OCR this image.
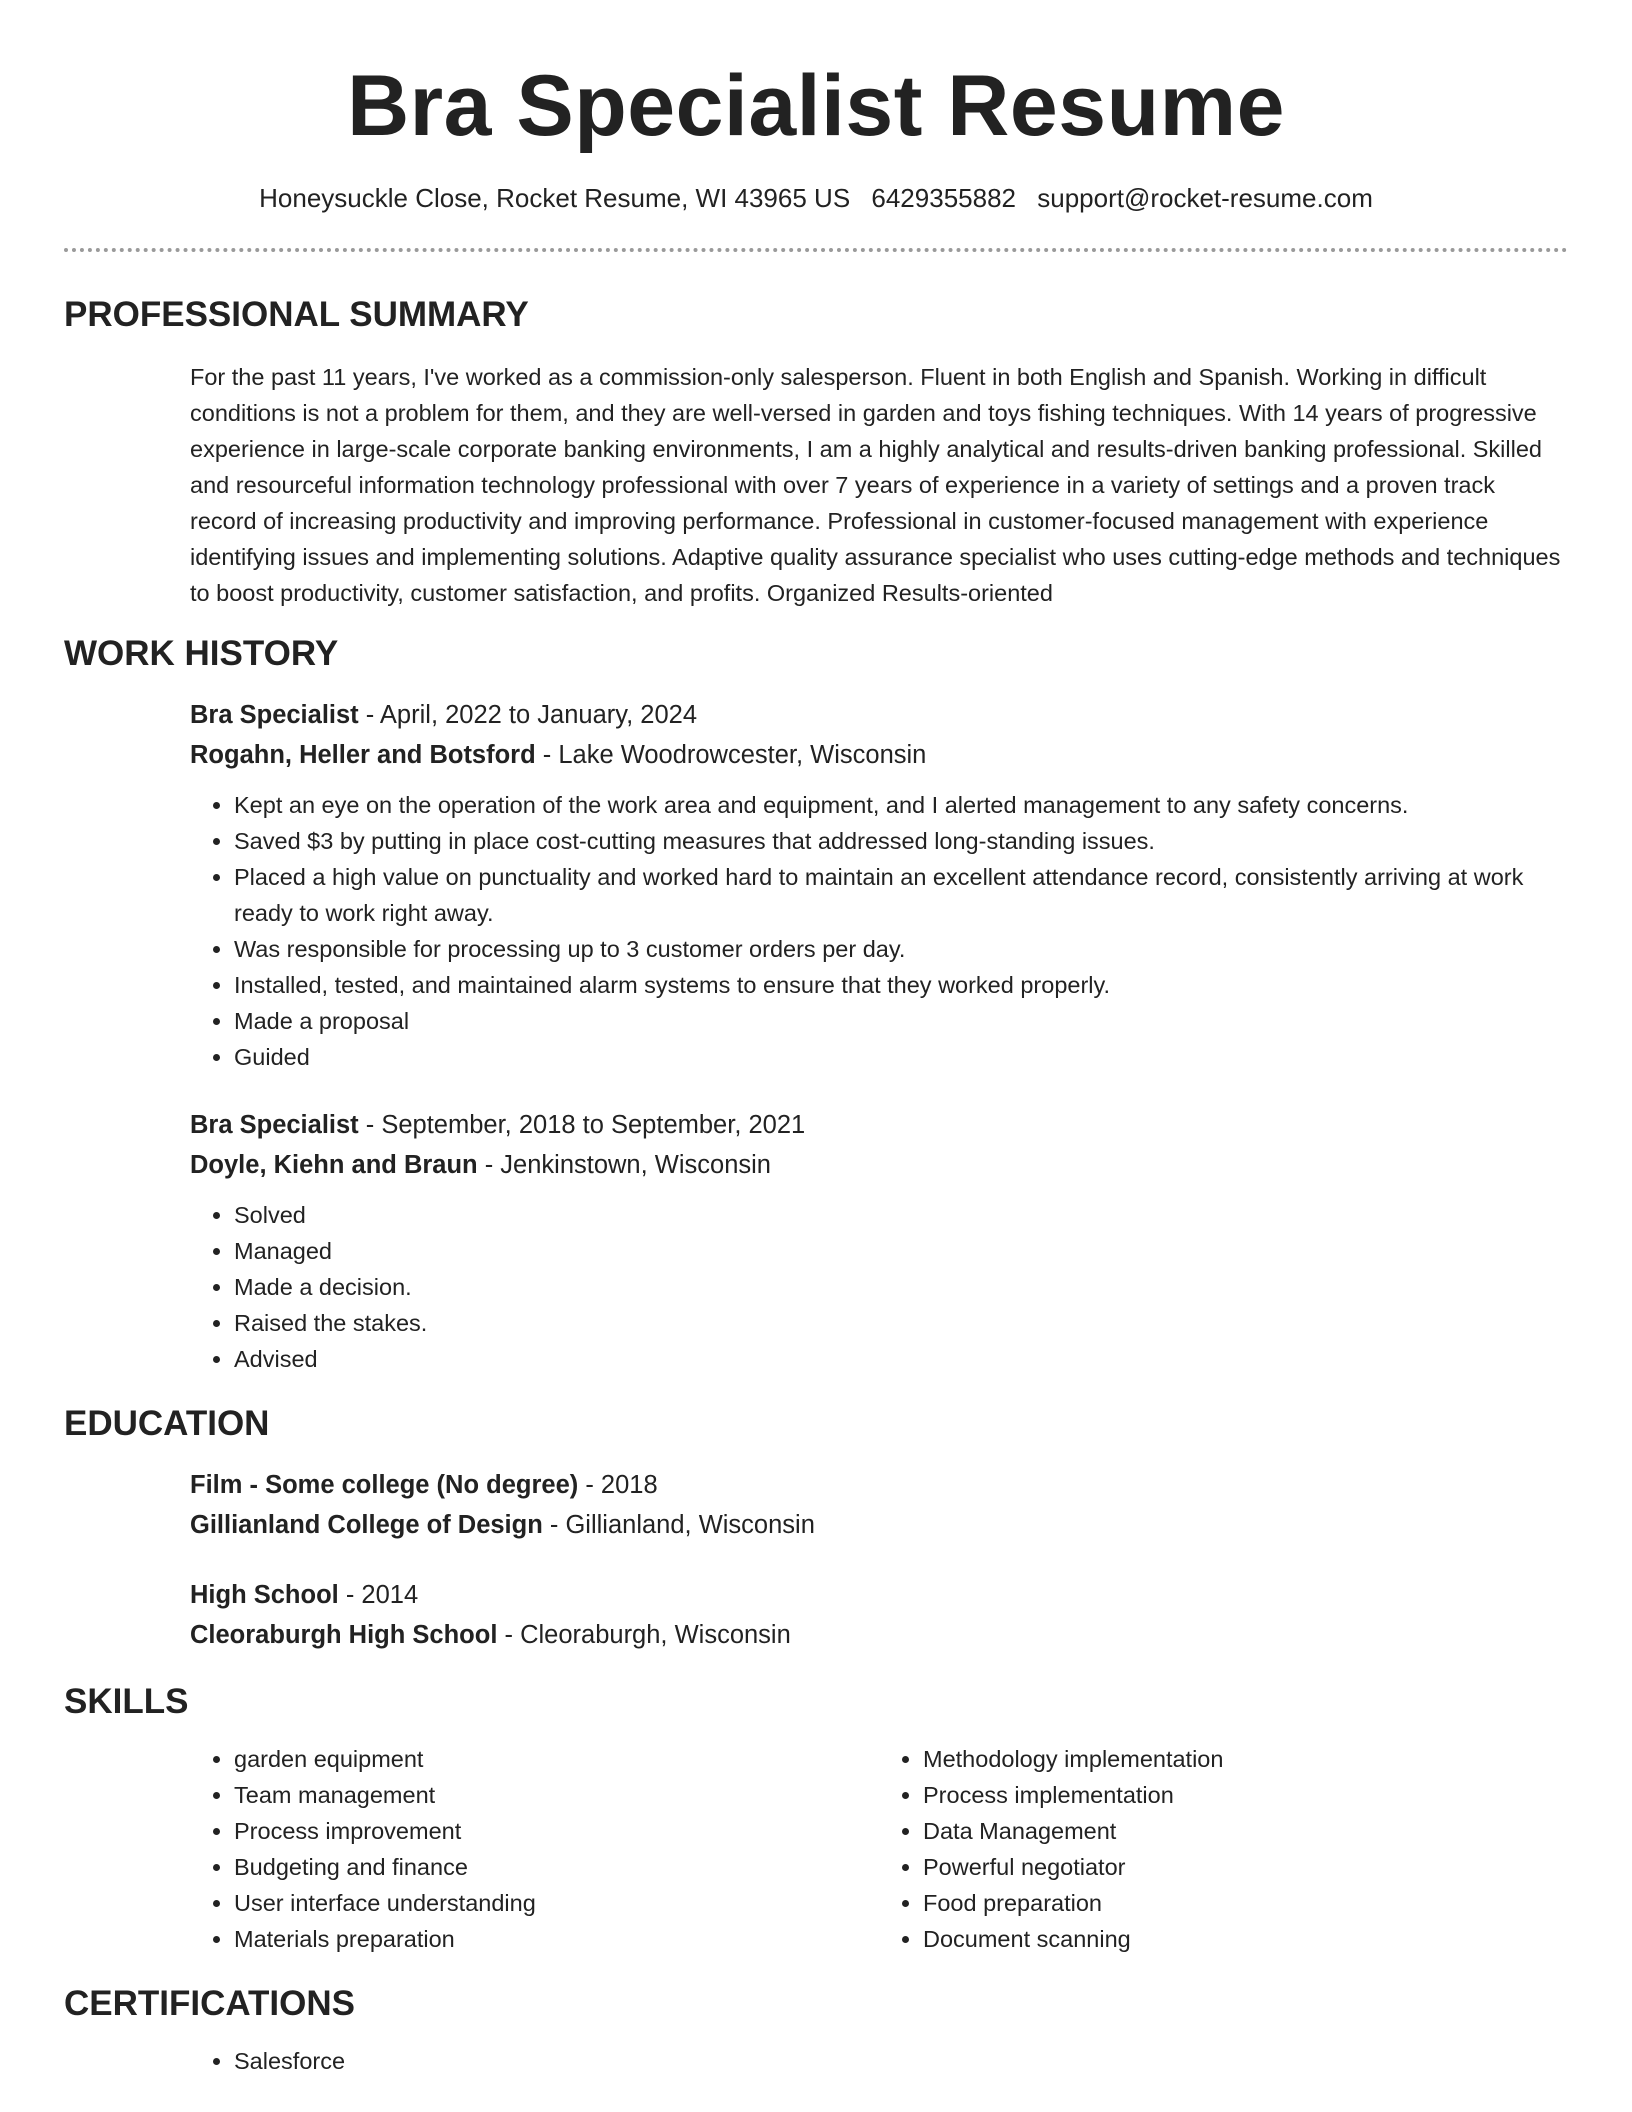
Bra Specialist Resume
Honeysuckle Close, Rocket Resume, WI 43965 US 6429355882 support@rocket-resume.com
PROFESSIONAL SUMMARY

For the past 11 years, I've worked as a commission-only salesperson. Fluent in both English and Spanish. Working in difficult conditions is not a problem for them, and they are well-versed in garden and toys fishing techniques. With 14 years of progressive experience in large-scale corporate banking environments, I am a highly analytical and results-driven banking professional. Skilled and resourceful information technology professional with over 7 years of experience in a variety of settings and a proven track record of increasing productivity and improving performance. Professional in customer-focused management with experience identifying issues and implementing solutions. Adaptive quality assurance specialist who uses cutting-edge methods and techniques to boost productivity, customer satisfaction, and profits. Organized Results-oriented

WORK HISTORY
Bra Specialist - April, 2022 to January, 2024
Rogahn, Heller and Botsford - Lake Woodrowcester, Wisconsin
• Kept an eye on the operation of the work area and equipment, and I alerted management to any safety concerns.
• Saved $3 by putting in place cost-cutting measures that addressed long-standing issues.
• Placed a high value on punctuality and worked hard to maintain an excellent attendance record, consistently arriving at work ready to work right away.
• Was responsible for processing up to 3 customer orders per day.
• Installed, tested, and maintained alarm systems to ensure that they worked properly.
• Made a proposal
• Guided
Bra Specialist - September, 2018 to September, 2021
Doyle, Kiehn and Braun - Jenkinstown, Wisconsin
• Solved
• Managed
• Made a decision.
• Raised the stakes.
• Advised
EDUCATION
Film - Some college (No degree) - 2018
Gillianland College of Design - Gillianland, Wisconsin
High School - 2014
Cleoraburgh High School - Cleoraburgh, Wisconsin
SKILLS
• garden equipment
• Team management
• Process improvement
• Budgeting and finance
• User interface understanding
• Materials preparation
• Methodology implementation
• Process implementation
• Data Management
• Powerful negotiator
• Food preparation
• Document scanning
CERTIFICATIONS
• Salesforce
